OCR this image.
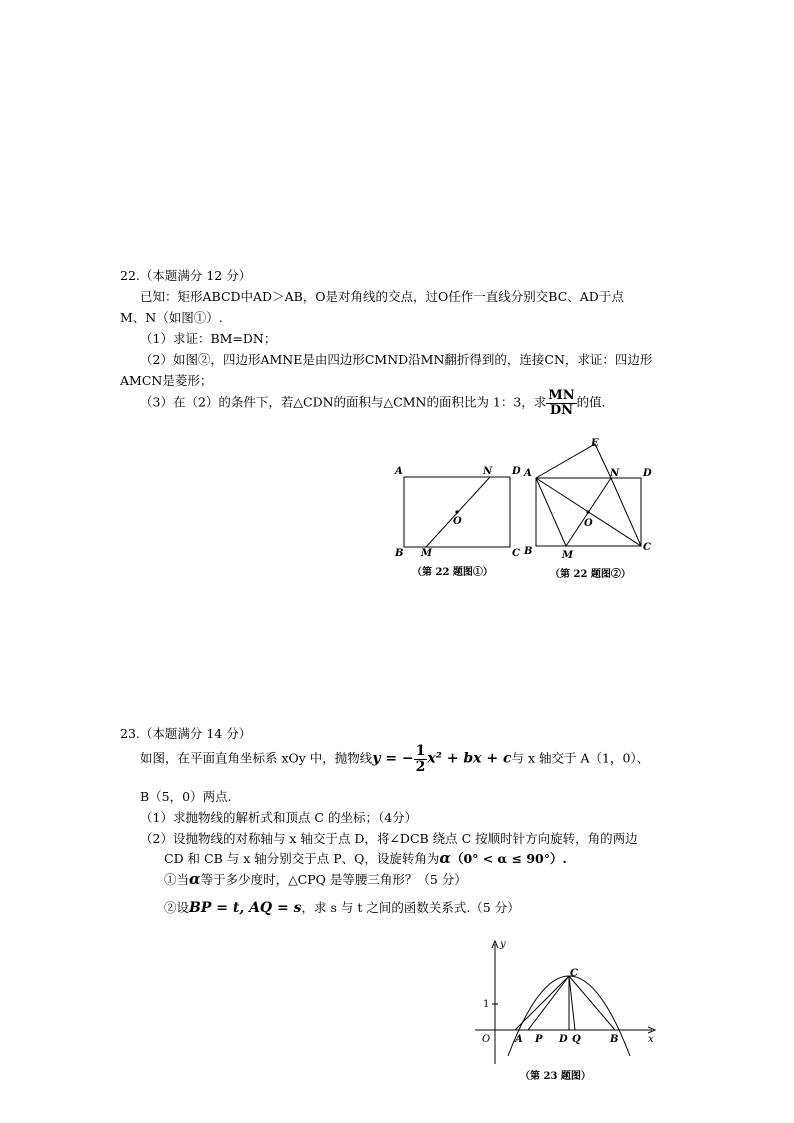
22.（本题满分 12 分）
已知：矩形ABCD中AD＞AB，O是对角线的交点，过O任作一直线分别交BC、AD于点
M、N（如图①）.
（1）求证：BM=DN；
（2）如图②，四边形AMNE是由四边形CMND沿MN翻折得到的，连接CN，求证：四边形
AMCN是菱形；
（3）在（2）的条件下，若△CDN的面积与△CMN的面积比为 1：3，求 $\frac{MN}{DN}$ 的值.
A	N D
O
B M	C
（第 22 题图①）
E
A	N D
O
B	M
C
（第 22 题图②）
23.（本题满分 14 分）
如图，在平面直角坐标系 xOy 中，抛物线y = − $\frac{1}{2} x^2$ + bx + c与 x 轴交于 A（1，0）、
B（5，0）两点.
（1）求抛物线的解析式和顶点 C 的坐标；（4分）
（2）设抛物线的对称轴与 x 轴交于点 D，将∠DCB 绕点 C 按顺时针方向旋转，角的两边
CD 和 CB 与 x 轴分别交于点 P、Q，设旋转角为α（0° < α ≤ 90°）.
①当α等于多少度时，△CPQ 是等腰三角形？（5 分）
②设BP = t, AQ = s，求 s 与 t 之间的函数关系式.（5 分）
y
x
O
1
C
A P D Q	B
（第 23 题图）
